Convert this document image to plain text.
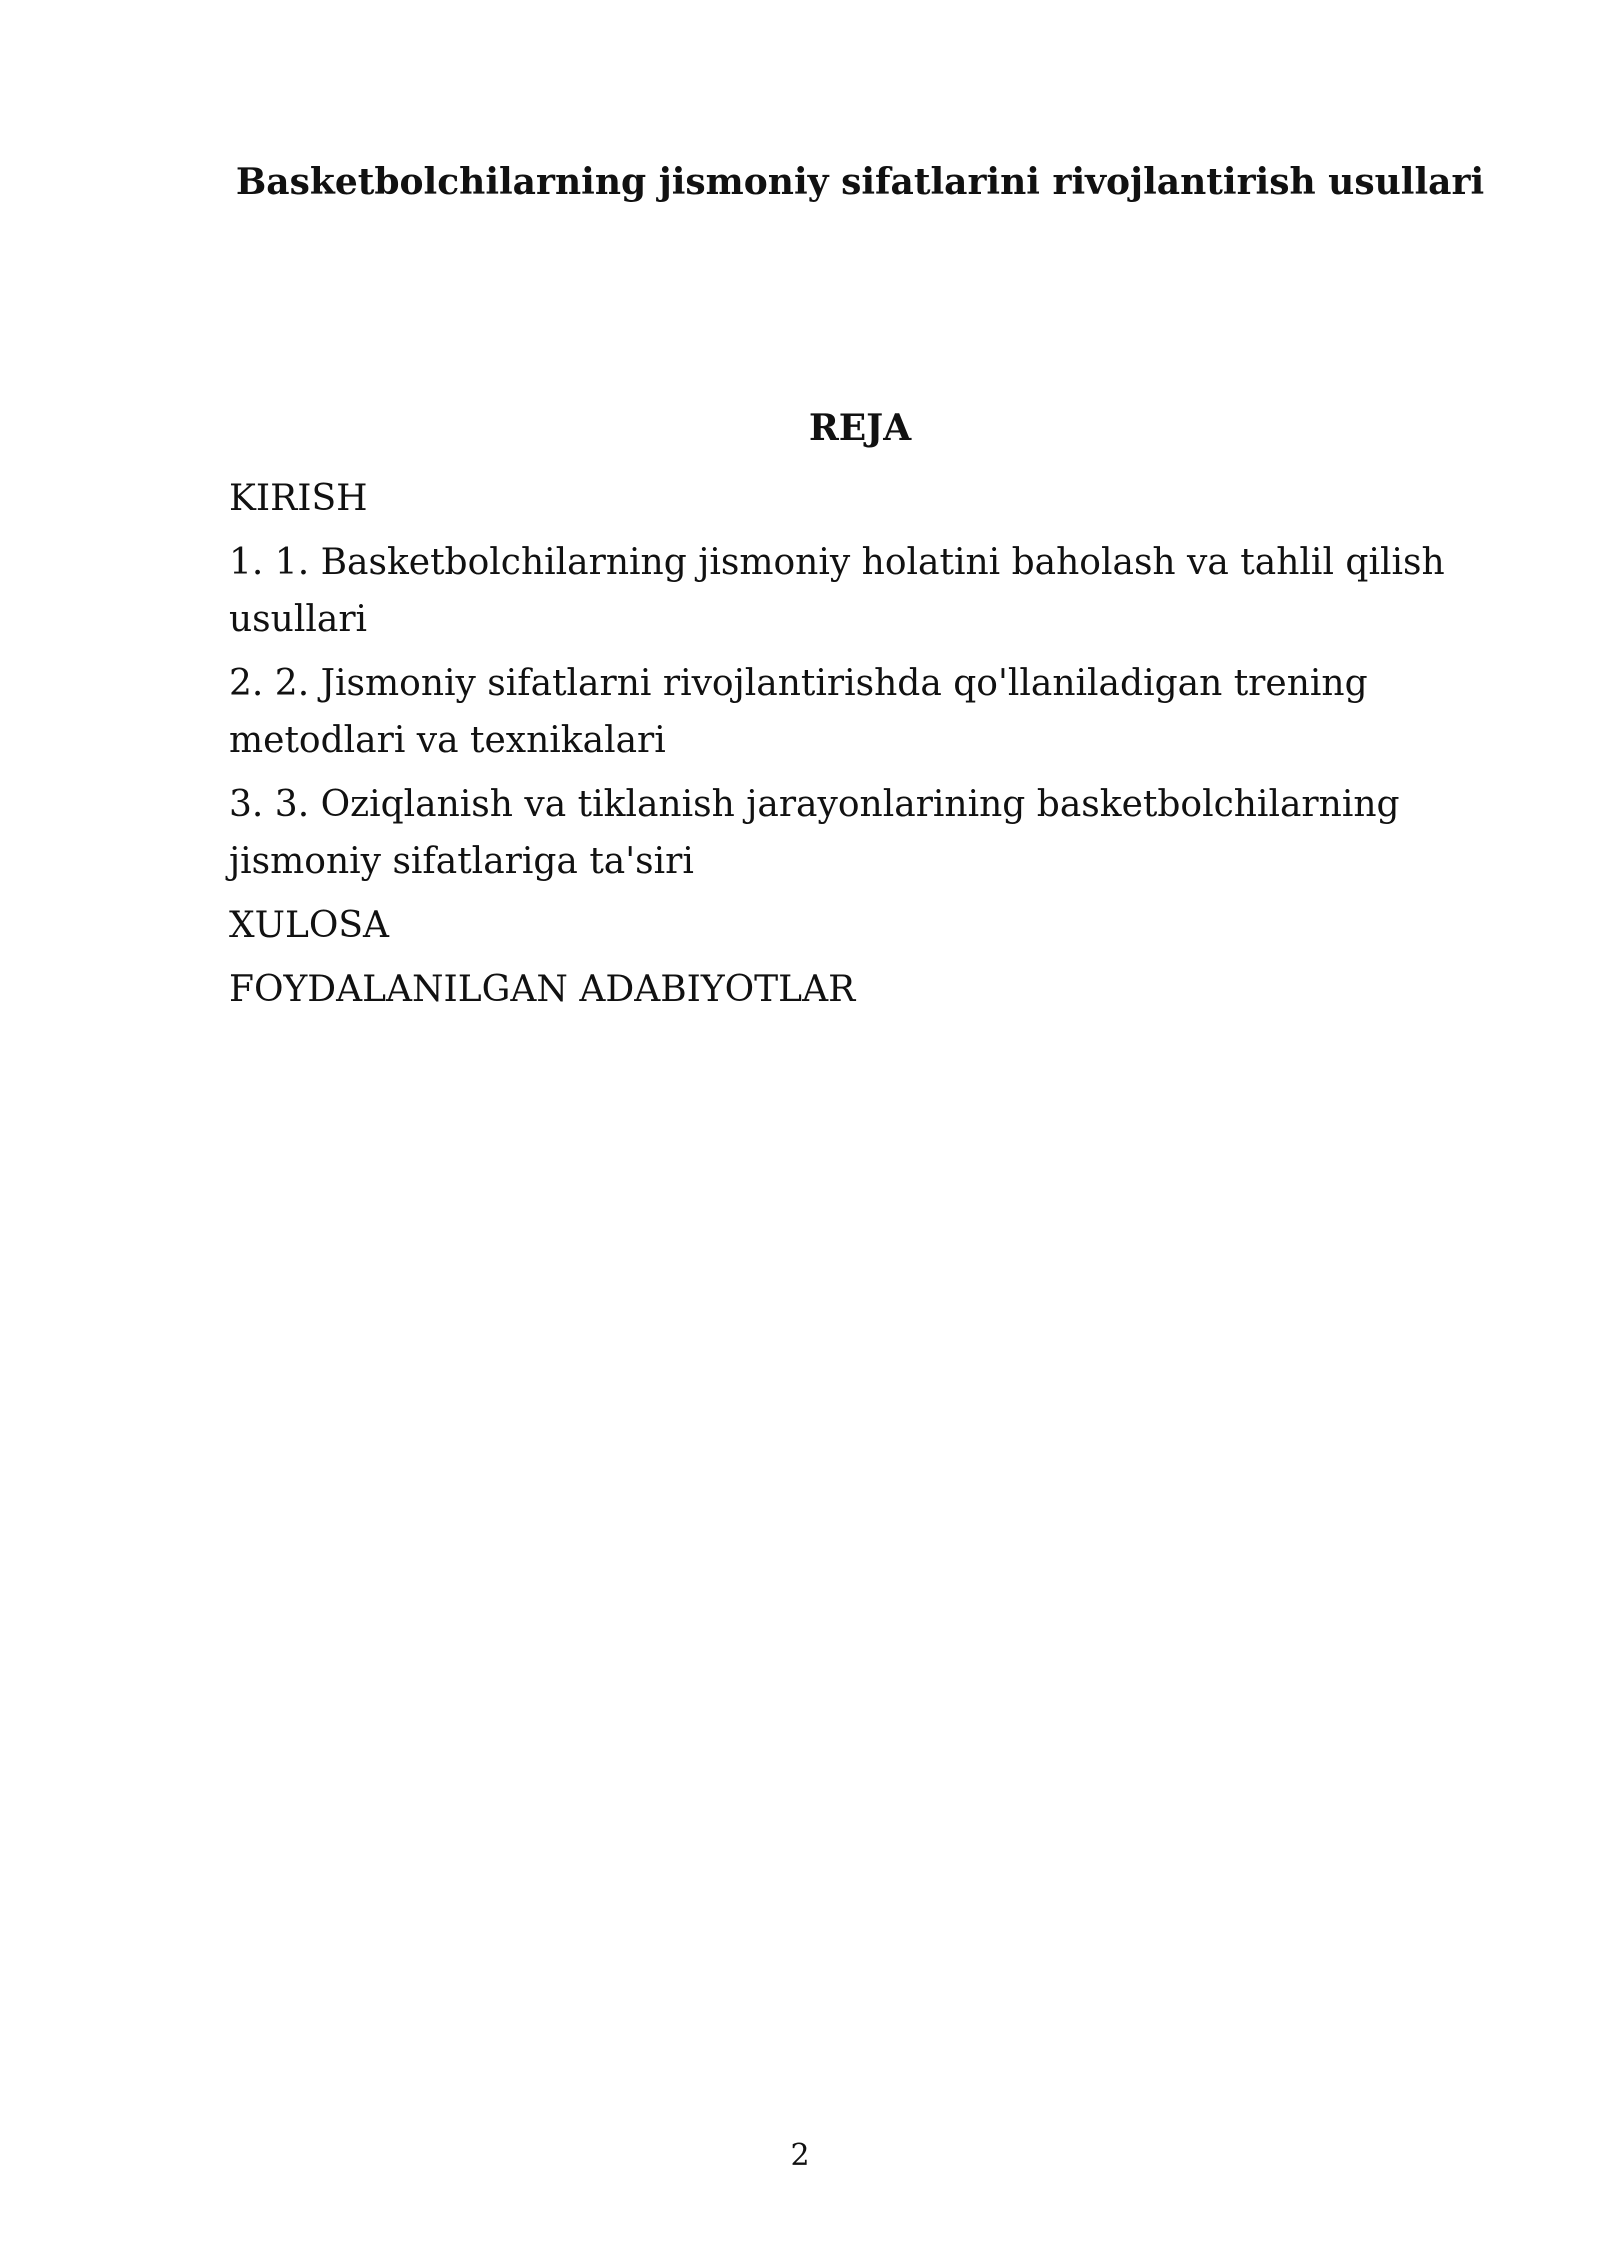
Basketbolchilarning jismoniy sifatlarini rivojlantirish usullari
REJA
KIRISH
1. 1. Basketbolchilarning jismoniy holatini baholash va tahlil qilish usullari
2. 2. Jismoniy sifatlarni rivojlantirishda qo'llaniladigan trening metodlari va texnikalari
3. 3. Oziqlanish va tiklanish jarayonlarining basketbolchilarning jismoniy sifatlariga ta'siri
XULOSA
FOYDALANILGAN ADABIYOTLAR
2
